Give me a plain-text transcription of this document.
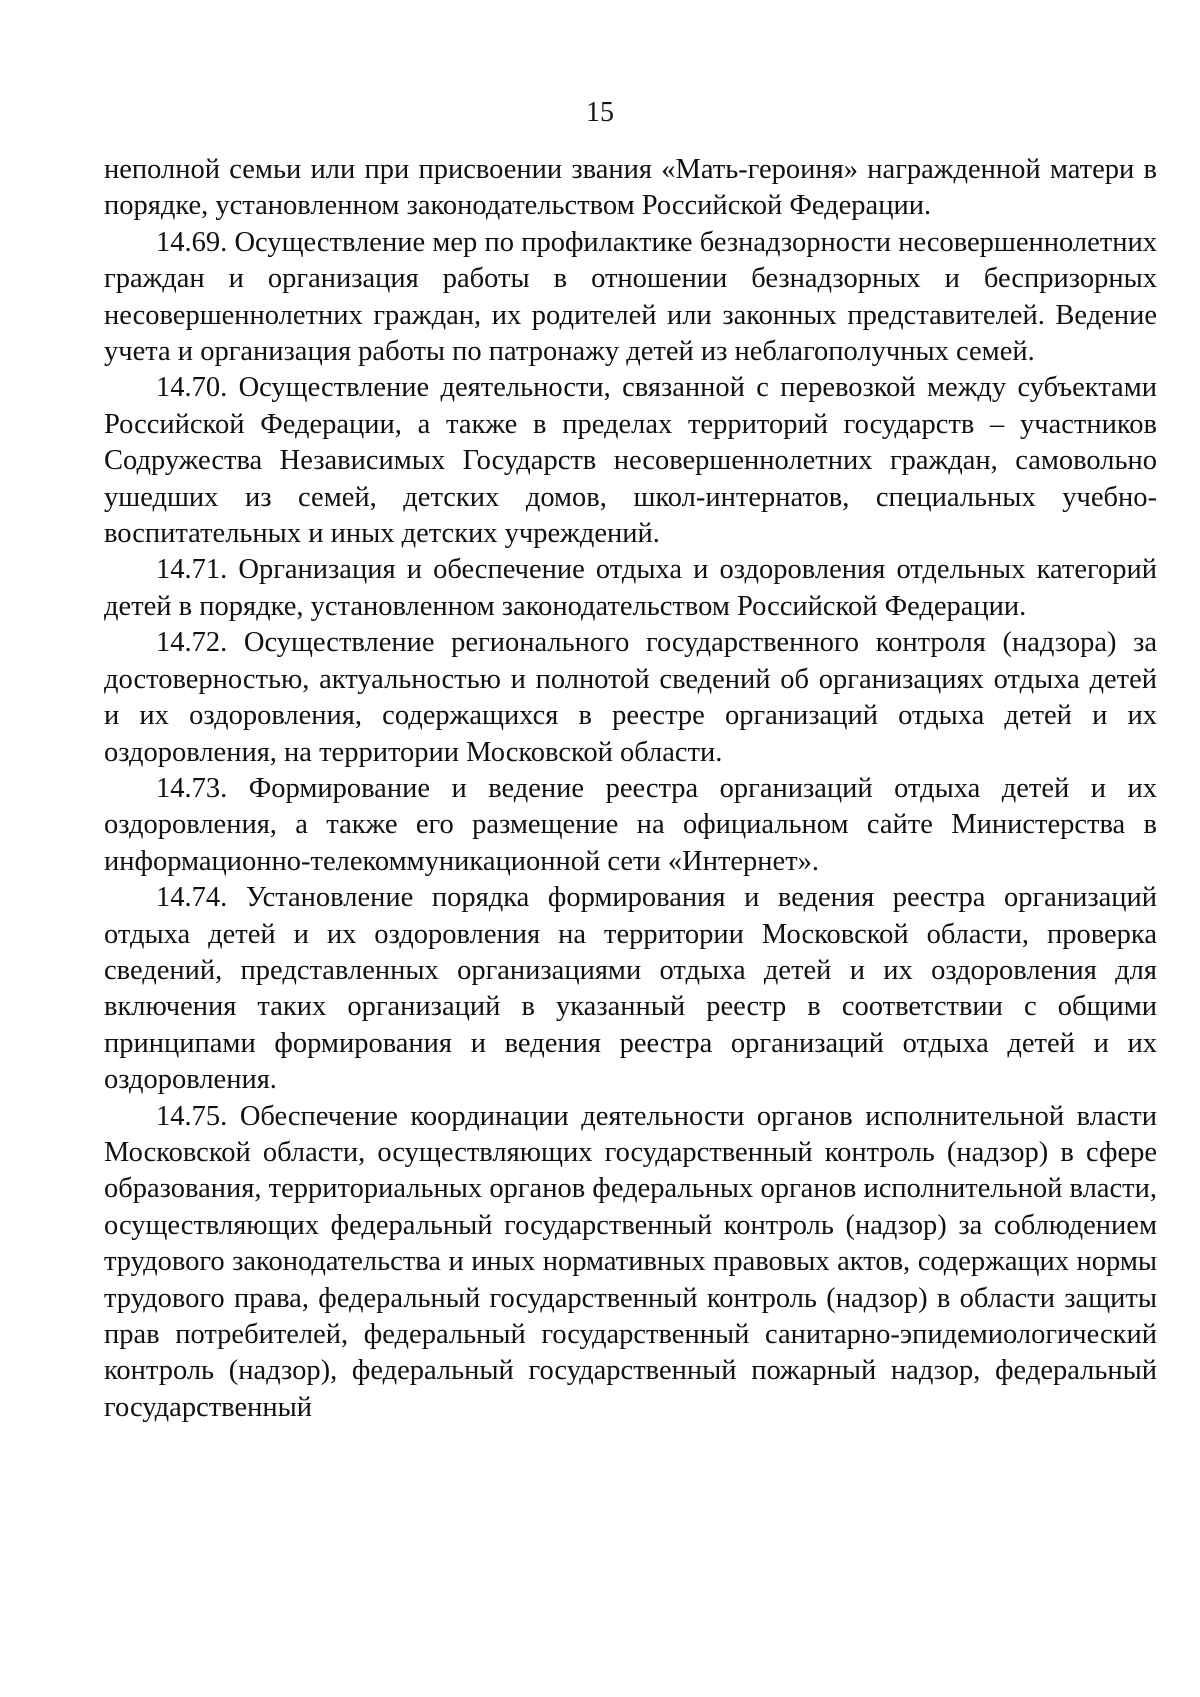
15

неполной семьи или при присвоении звания «Мать-героиня» награжденной матери в порядке, установленном законодательством Российской Федерации.

14.69. Осуществление мер по профилактике безнадзорности несовершеннолетних граждан и организация работы в отношении безнадзорных и беспризорных несовершеннолетних граждан, их родителей или законных представителей. Ведение учета и организация работы по патронажу детей из неблагополучных семей.

14.70. Осуществление деятельности, связанной с перевозкой между субъектами Российской Федерации, а также в пределах территорий государств – участников Содружества Независимых Государств несовершеннолетних граждан, самовольно ушедших из семей, детских домов, школ-интернатов, специальных учебно-воспитательных и иных детских учреждений.

14.71. Организация и обеспечение отдыха и оздоровления отдельных категорий детей в порядке, установленном законодательством Российской Федерации.

14.72. Осуществление регионального государственного контроля (надзора) за достоверностью, актуальностью и полнотой сведений об организациях отдыха детей и их оздоровления, содержащихся в реестре организаций отдыха детей и их оздоровления, на территории Московской области.

14.73. Формирование и ведение реестра организаций отдыха детей и их оздоровления, а также его размещение на официальном сайте Министерства в информационно-телекоммуникационной сети «Интернет».

14.74. Установление порядка формирования и ведения реестра организаций отдыха детей и их оздоровления на территории Московской области, проверка сведений, представленных организациями отдыха детей и их оздоровления для включения таких организаций в указанный реестр в соответствии с общими принципами формирования и ведения реестра организаций отдыха детей и их оздоровления.

14.75. Обеспечение координации деятельности органов исполнительной власти Московской области, осуществляющих государственный контроль (надзор) в сфере образования, территориальных органов федеральных органов исполнительной власти, осуществляющих федеральный государственный контроль (надзор) за соблюдением трудового законодательства и иных нормативных правовых актов, содержащих нормы трудового права, федеральный государственный контроль (надзор) в области защиты прав потребителей, федеральный государственный санитарно-эпидемиологический контроль (надзор), федеральный государственный пожарный надзор, федеральный государственный
